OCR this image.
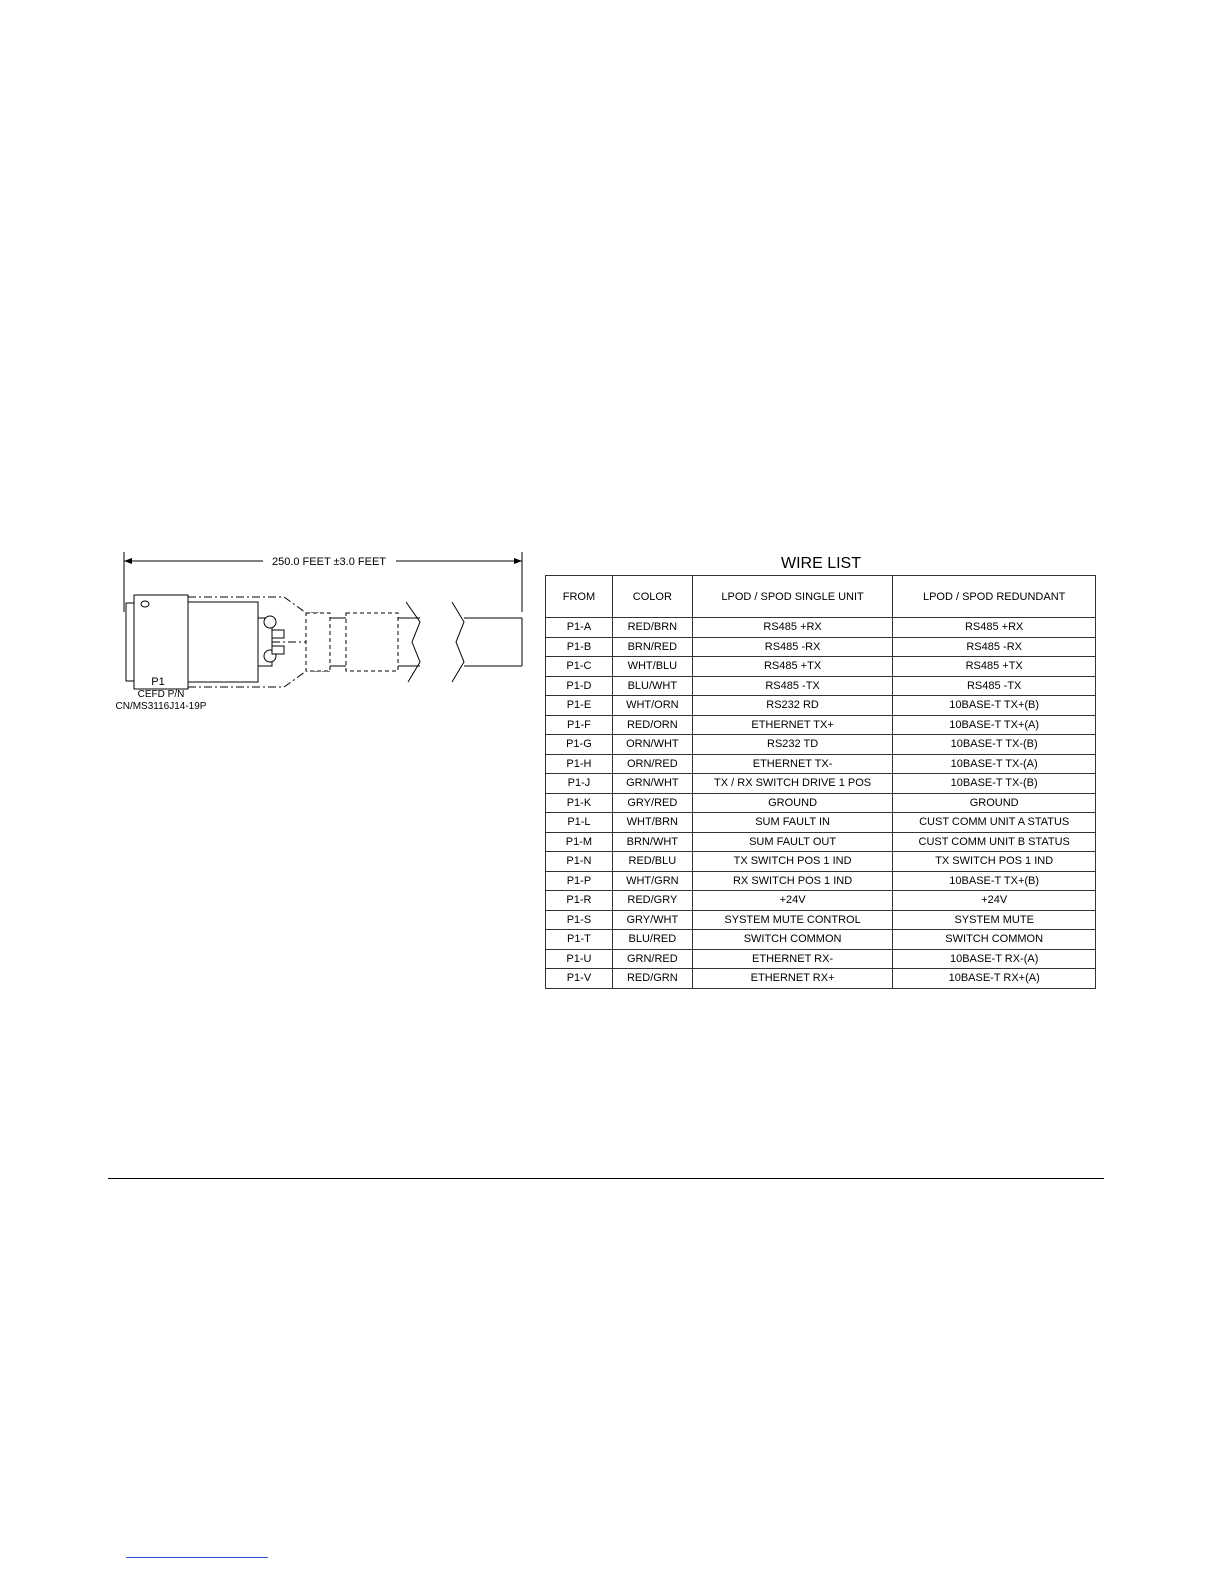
250.0 FEET ±3.0 FEET
P1
CEFD P/N
CN/MS3116J14-19P
WIRE LIST
FROM	COLOR	LPOD / SPOD SINGLE UNIT	LPOD / SPOD REDUNDANT
P1-A	RED/BRN	RS485 +RX	RS485 +RX
P1-B	BRN/RED	RS485 -RX	RS485 -RX
P1-C	WHT/BLU	RS485 +TX	RS485 +TX
P1-D	BLU/WHT	RS485 -TX	RS485 -TX
P1-E	WHT/ORN	RS232 RD	10BASE-T TX+(B)
P1-F	RED/ORN	ETHERNET TX+	10BASE-T TX+(A)
P1-G	ORN/WHT	RS232 TD	10BASE-T TX-(B)
P1-H	ORN/RED	ETHERNET TX-	10BASE-T TX-(A)
P1-J	GRN/WHT	TX / RX SWITCH DRIVE 1 POS	10BASE-T TX-(B)
P1-K	GRY/RED	GROUND	GROUND
P1-L	WHT/BRN	SUM FAULT IN	CUST COMM UNIT A STATUS
P1-M	BRN/WHT	SUM FAULT OUT	CUST COMM UNIT B STATUS
P1-N	RED/BLU	TX SWITCH POS 1 IND	TX SWITCH POS 1 IND
P1-P	WHT/GRN	RX SWITCH POS 1 IND	10BASE-T TX+(B)
P1-R	RED/GRY	+24V	+24V
P1-S	GRY/WHT	SYSTEM MUTE CONTROL	SYSTEM MUTE
P1-T	BLU/RED	SWITCH COMMON	SWITCH COMMON
P1-U	GRN/RED	ETHERNET RX-	10BASE-T RX-(A)
P1-V	RED/GRN	ETHERNET RX+	10BASE-T RX+(A)
